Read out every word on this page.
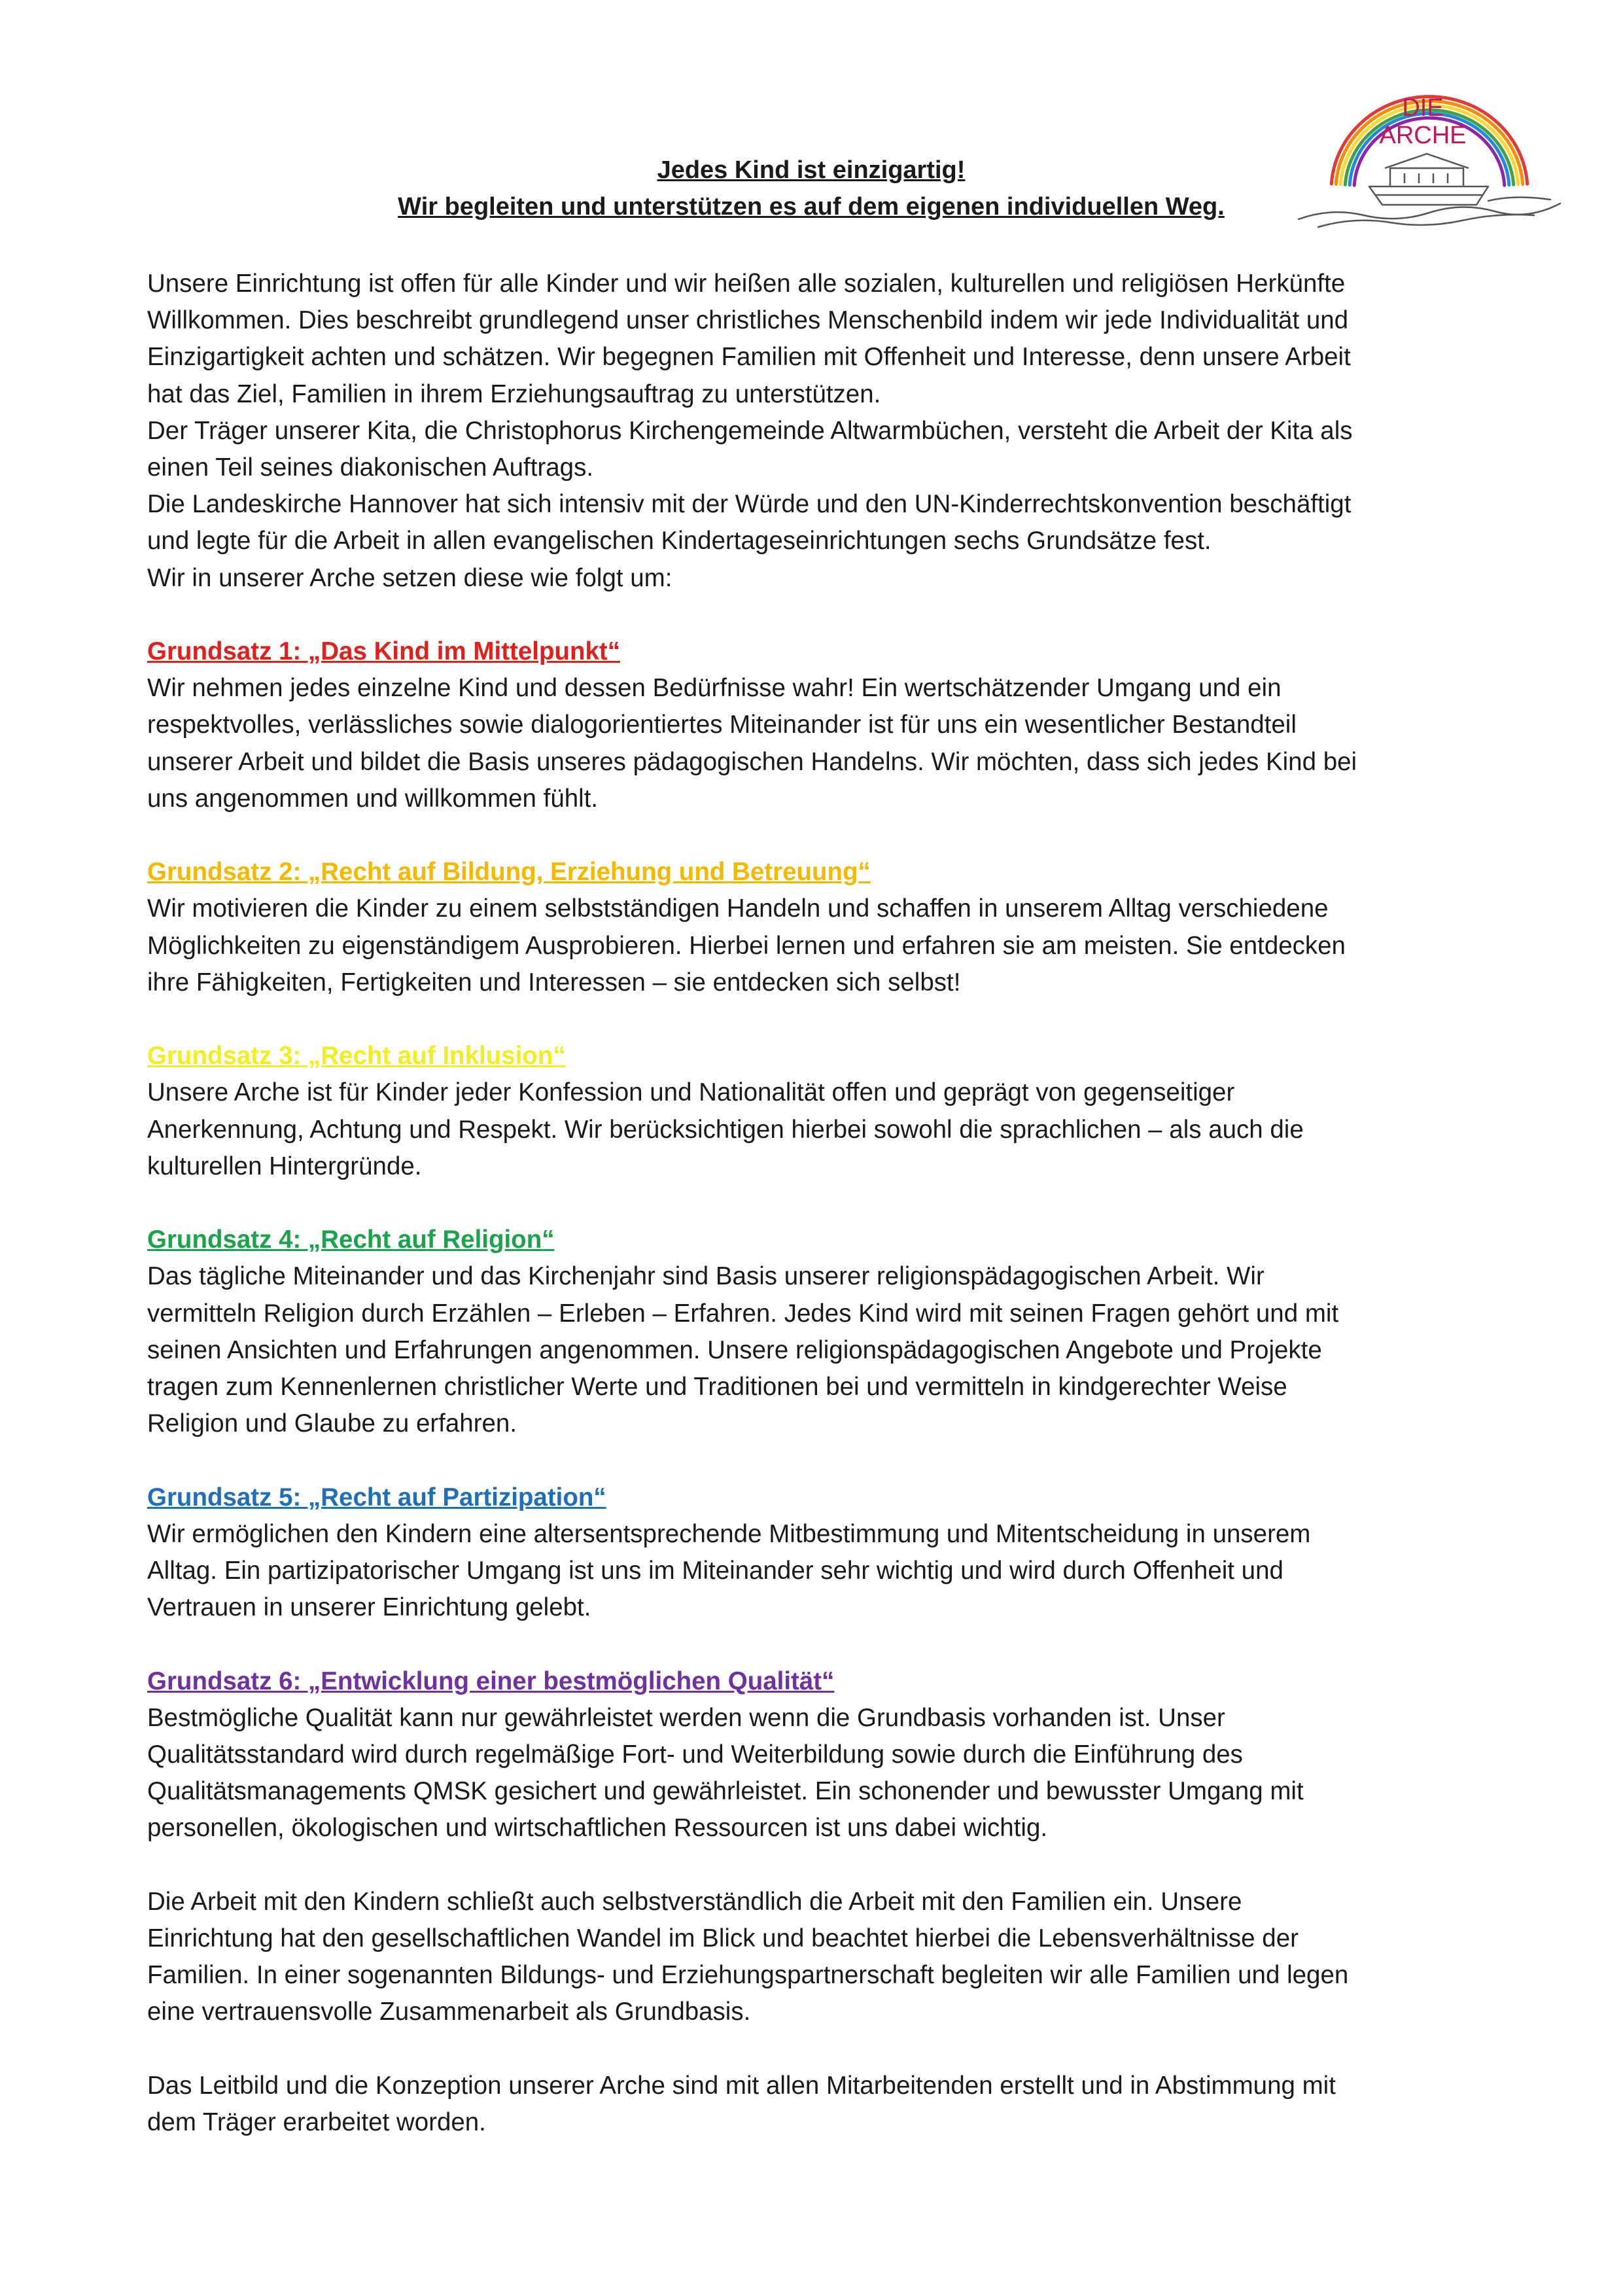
DIE
ARCHE
Jedes Kind ist einzigartig!
Wir begleiten und unterstützen es auf dem eigenen individuellen Weg.

Unsere Einrichtung ist offen für alle Kinder und wir heißen alle sozialen, kulturellen und religiösen Herkünfte
Willkommen. Dies beschreibt grundlegend unser christliches Menschenbild indem wir jede Individualität und
Einzigartigkeit achten und schätzen. Wir begegnen Familien mit Offenheit und Interesse, denn unsere Arbeit
hat das Ziel, Familien in ihrem Erziehungsauftrag zu unterstützen.

Der Träger unserer Kita, die Christophorus Kirchengemeinde Altwarmbüchen, versteht die Arbeit der Kita als
einen Teil seines diakonischen Auftrags.

Die Landeskirche Hannover hat sich intensiv mit der Würde und den UN-Kinderrechtskonvention beschäftigt
und legte für die Arbeit in allen evangelischen Kindertageseinrichtungen sechs Grundsätze fest.

Wir in unserer Arche setzen diese wie folgt um:

Grundsatz 1: „Das Kind im Mittelpunkt“

Wir nehmen jedes einzelne Kind und dessen Bedürfnisse wahr! Ein wertschätzender Umgang und ein
respektvolles, verlässliches sowie dialogorientiertes Miteinander ist für uns ein wesentlicher Bestandteil
unserer Arbeit und bildet die Basis unseres pädagogischen Handelns. Wir möchten, dass sich jedes Kind bei
uns angenommen und willkommen fühlt.

Grundsatz 2: „Recht auf Bildung, Erziehung und Betreuung“

Wir motivieren die Kinder zu einem selbstständigen Handeln und schaffen in unserem Alltag verschiedene
Möglichkeiten zu eigenständigem Ausprobieren. Hierbei lernen und erfahren sie am meisten. Sie entdecken
ihre Fähigkeiten, Fertigkeiten und Interessen – sie entdecken sich selbst!

Grundsatz 3: „Recht auf Inklusion“

Unsere Arche ist für Kinder jeder Konfession und Nationalität offen und geprägt von gegenseitiger
Anerkennung, Achtung und Respekt. Wir berücksichtigen hierbei sowohl die sprachlichen – als auch die
kulturellen Hintergründe.

Grundsatz 4: „Recht auf Religion“

Das tägliche Miteinander und das Kirchenjahr sind Basis unserer religionspädagogischen Arbeit. Wir
vermitteln Religion durch Erzählen – Erleben – Erfahren. Jedes Kind wird mit seinen Fragen gehört und mit
seinen Ansichten und Erfahrungen angenommen. Unsere religionspädagogischen Angebote und Projekte
tragen zum Kennenlernen christlicher Werte und Traditionen bei und vermitteln in kindgerechter Weise
Religion und Glaube zu erfahren.

Grundsatz 5: „Recht auf Partizipation“

Wir ermöglichen den Kindern eine altersentsprechende Mitbestimmung und Mitentscheidung in unserem
Alltag. Ein partizipatorischer Umgang ist uns im Miteinander sehr wichtig und wird durch Offenheit und
Vertrauen in unserer Einrichtung gelebt.

Grundsatz 6: „Entwicklung einer bestmöglichen Qualität“

Bestmögliche Qualität kann nur gewährleistet werden wenn die Grundbasis vorhanden ist. Unser
Qualitätsstandard wird durch regelmäßige Fort- und Weiterbildung sowie durch die Einführung des
Qualitätsmanagements QMSK gesichert und gewährleistet. Ein schonender und bewusster Umgang mit
personellen, ökologischen und wirtschaftlichen Ressourcen ist uns dabei wichtig.

Die Arbeit mit den Kindern schließt auch selbstverständlich die Arbeit mit den Familien ein. Unsere
Einrichtung hat den gesellschaftlichen Wandel im Blick und beachtet hierbei die Lebensverhältnisse der
Familien. In einer sogenannten Bildungs- und Erziehungspartnerschaft begleiten wir alle Familien und legen
eine vertrauensvolle Zusammenarbeit als Grundbasis.

Das Leitbild und die Konzeption unserer Arche sind mit allen Mitarbeitenden erstellt und in Abstimmung mit
dem Träger erarbeitet worden.
